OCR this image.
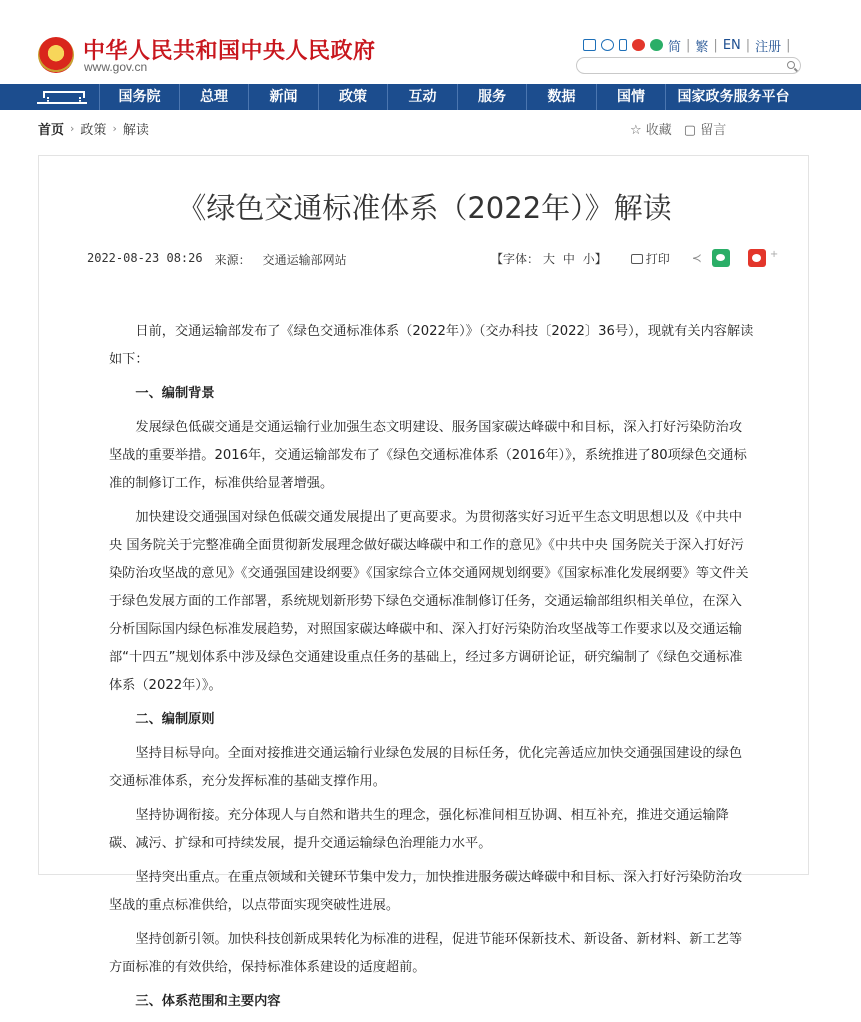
中华人民共和国中央人民政府
www.gov.cn
简 | 繁 | EN | 注册 |
国务院	总理	新闻	政策	互动	服务	数据	国情	国家政务服务平台
首页 › 政策 › 解读	☆ 收藏 ▢ 留言
《绿色交通标准体系（2022年）》解读
2022-08-23 08:26 来源： 交通运输部网站	【字体： 大 中 小】	打印 ≺	+

日前，交通运输部发布了《绿色交通标准体系（2022年）》（交办科技〔2022〕36号），现就有关内容解读如下：

一、编制背景

发展绿色低碳交通是交通运输行业加强生态文明建设、服务国家碳达峰碳中和目标，深入打好污染防治攻坚战的重要举措。2016年，交通运输部发布了《绿色交通标准体系（2016年）》，系统推进了80项绿色交通标准的制修订工作，标准供给显著增强。

加快建设交通强国对绿色低碳交通发展提出了更高要求。为贯彻落实好习近平生态文明思想以及《中共中央 国务院关于完整准确全面贯彻新发展理念做好碳达峰碳中和工作的意见》《中共中央 国务院关于深入打好污染防治攻坚战的意见》《交通强国建设纲要》《国家综合立体交通网规划纲要》《国家标准化发展纲要》等文件关于绿色发展方面的工作部署，系统规划新形势下绿色交通标准制修订任务，交通运输部组织相关单位，在深入分析国际国内绿色标准发展趋势，对照国家碳达峰碳中和、深入打好污染防治攻坚战等工作要求以及交通运输部“十四五”规划体系中涉及绿色交通建设重点任务的基础上，经过多方调研论证，研究编制了《绿色交通标准体系（2022年）》。

二、编制原则

坚持目标导向。全面对接推进交通运输行业绿色发展的目标任务，优化完善适应加快交通强国建设的绿色交通标准体系，充分发挥标准的基础支撑作用。

坚持协调衔接。充分体现人与自然和谐共生的理念，强化标准间相互协调、相互补充，推进交通运输降碳、减污、扩绿和可持续发展，提升交通运输绿色治理能力水平。

坚持突出重点。在重点领域和关键环节集中发力，加快推进服务碳达峰碳中和目标、深入打好污染防治攻坚战的重点标准供给，以点带面实现突破性进展。

坚持创新引领。加快科技创新成果转化为标准的进程，促进节能环保新技术、新设备、新材料、新工艺等方面标准的有效供给，保持标准体系建设的适度超前。

三、体系范围和主要内容
